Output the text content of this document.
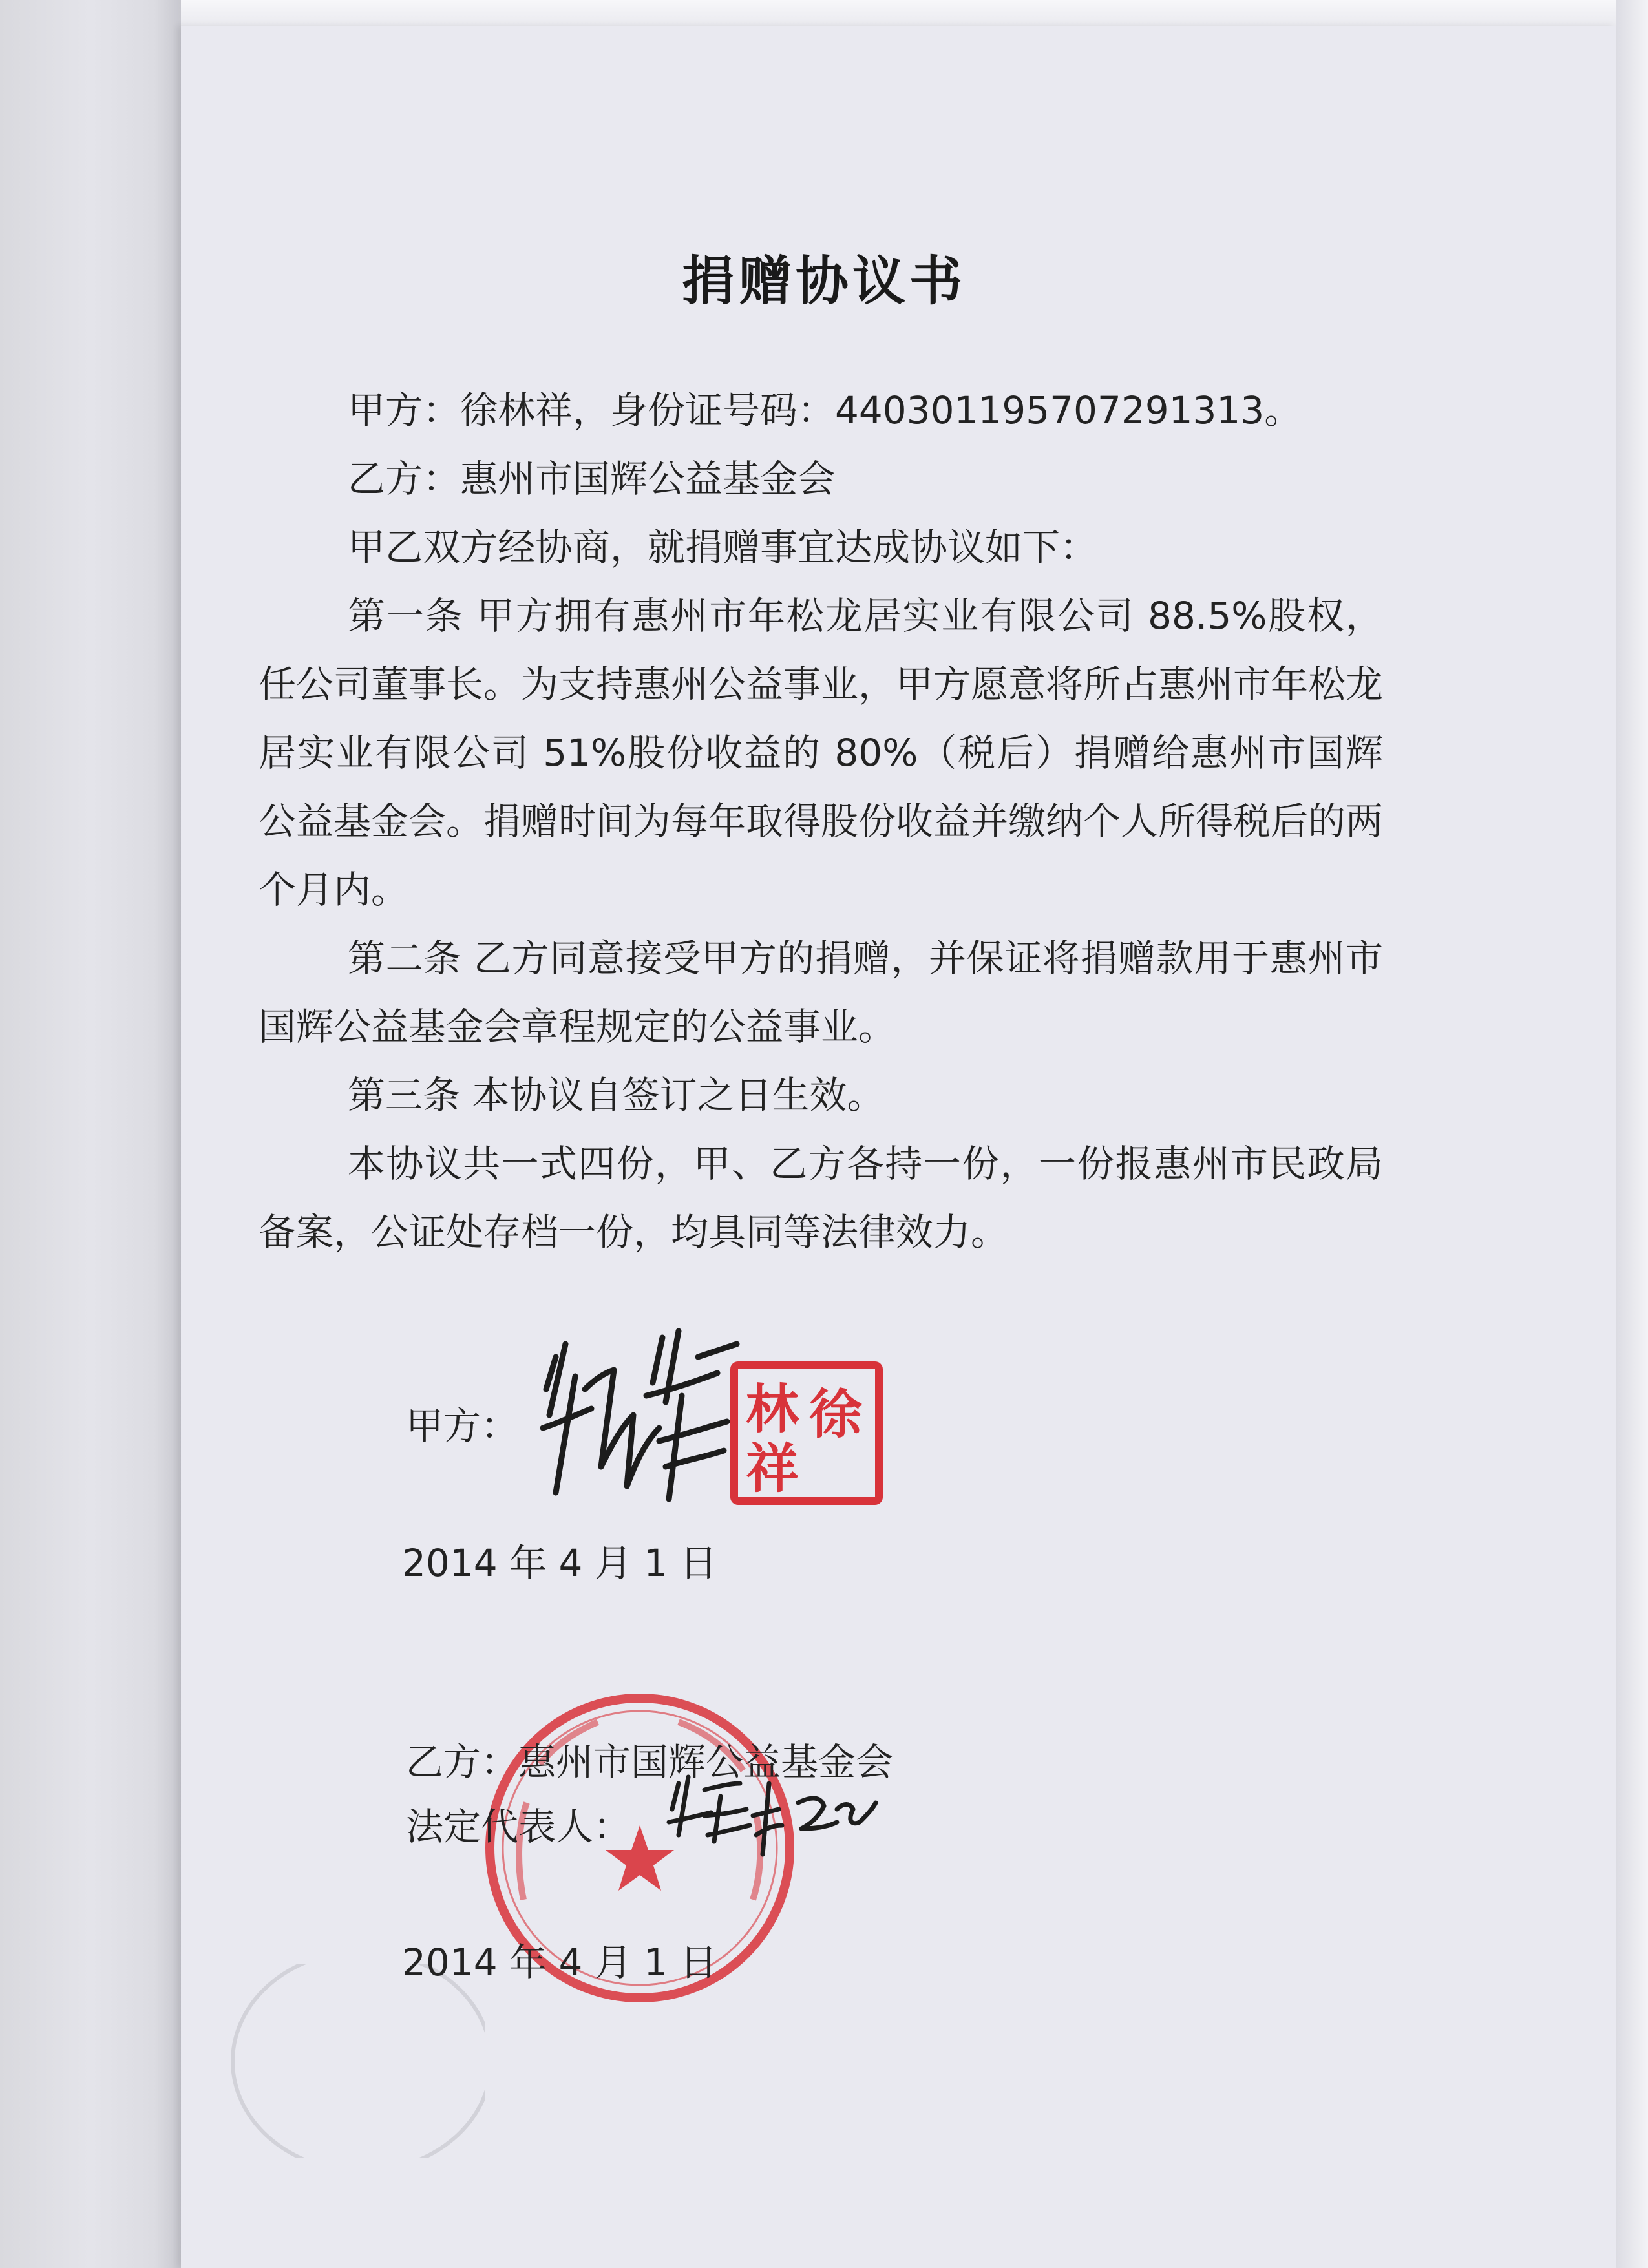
捐赠协议书

甲方：徐林祥，身份证号码：440301195707291313。

乙方：惠州市国辉公益基金会

甲乙双方经协商，就捐赠事宜达成协议如下：

第一条 甲方拥有惠州市年松龙居实业有限公司 88.5%股权，任公司董事长。为支持惠州公益事业，甲方愿意将所占惠州市年松龙居实业有限公司 51%股份收益的 80%（税后）捐赠给惠州市国辉公益基金会。捐赠时间为每年取得股份收益并缴纳个人所得税后的两个月内。

第二条 乙方同意接受甲方的捐赠，并保证将捐赠款用于惠州市国辉公益基金会章程规定的公益事业。

第三条 本协议自签订之日生效。

本协议共一式四份，甲、乙方各持一份，一份报惠州市民政局备案，公证处存档一份，均具同等法律效力。

甲方：	林 徐
祥
2014 年 4 月 1 日
乙方：惠州市国辉公益基金会
法定代表人：
2014 年 4 月 1 日
